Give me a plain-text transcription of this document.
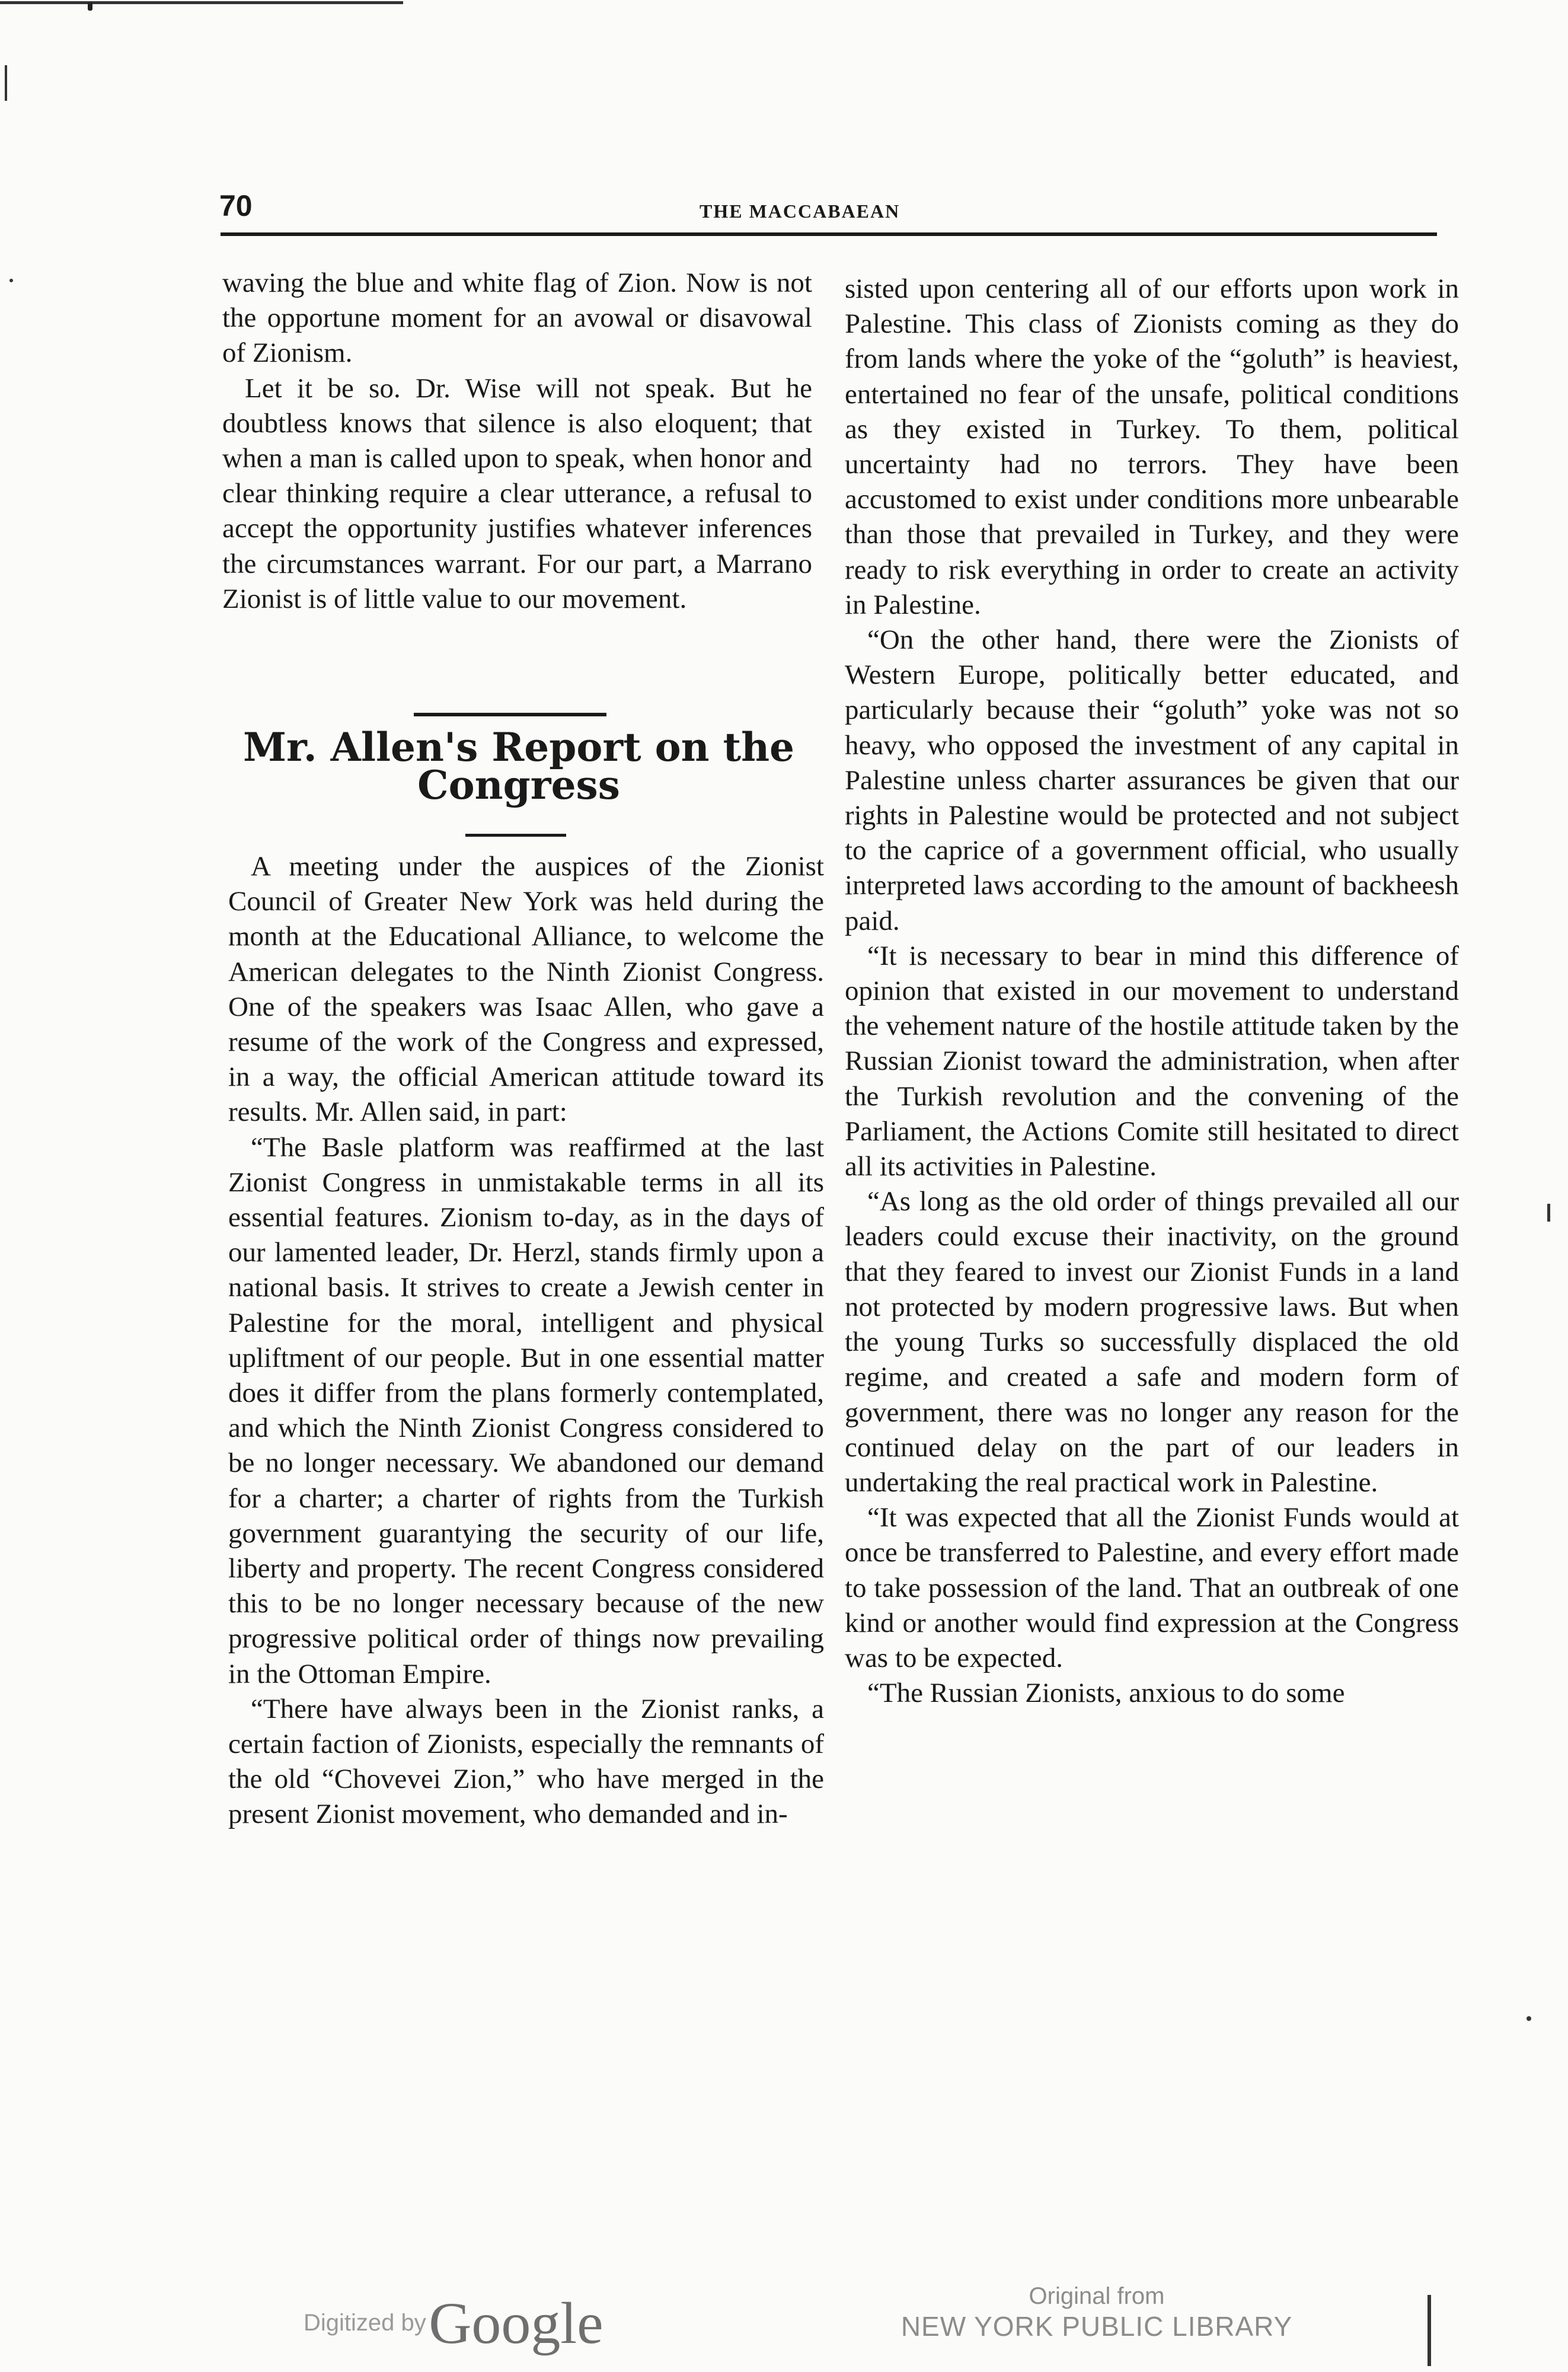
70	THE MACCABAEAN

waving the blue and white flag of Zion. Now is not the opportune moment for an avowal or disavowal of Zionism.

Let it be so. Dr. Wise will not speak. But he doubtless knows that silence is also eloquent; that when a man is called upon to speak, when honor and clear thinking require a clear utterance, a refusal to accept the opportunity justifies whatever inferences the circumstances warrant. For our part, a Marrano Zionist is of little value to our movement.

Mr. Allen's Report on the Congress

A meeting under the auspices of the Zionist Council of Greater New York was held during the month at the Educational Alliance, to welcome the American delegates to the Ninth Zionist Congress. One of the speakers was Isaac Allen, who gave a resume of the work of the Congress and expressed, in a way, the official American attitude toward its results. Mr. Allen said, in part:

“The Basle platform was reaffirmed at the last Zionist Congress in unmistakable terms in all its essential features. Zionism to-day, as in the days of our lamented leader, Dr. Herzl, stands firmly upon a national basis. It strives to create a Jewish center in Palestine for the moral, intelligent and physical upliftment of our people. But in one essential matter does it differ from the plans formerly contemplated, and which the Ninth Zionist Congress considered to be no longer necessary. We abandoned our demand for a charter; a charter of rights from the Turkish government guarantying the security of our life, liberty and property. The recent Congress considered this to be no longer necessary because of the new progressive political order of things now prevailing in the Ottoman Empire.

“There have always been in the Zionist ranks, a certain faction of Zionists, especially the remnants of the old “Chovevei Zion,” who have merged in the present Zionist movement, who demanded and in-

sisted upon centering all of our efforts upon work in Palestine. This class of Zionists coming as they do from lands where the yoke of the “goluth” is heaviest, entertained no fear of the unsafe, political conditions as they existed in Turkey. To them, political uncertainty had no terrors. They have been accustomed to exist under conditions more unbearable than those that prevailed in Turkey, and they were ready to risk everything in order to create an activity in Palestine.

“On the other hand, there were the Zionists of Western Europe, politically better educated, and particularly because their “goluth” yoke was not so heavy, who opposed the investment of any capital in Palestine unless charter assurances be given that our rights in Palestine would be protected and not subject to the caprice of a government official, who usually interpreted laws according to the amount of backheesh paid.

“It is necessary to bear in mind this difference of opinion that existed in our movement to understand the vehement nature of the hostile attitude taken by the Russian Zionist toward the administration, when after the Turkish revolution and the convening of the Parliament, the Actions Comite still hesitated to direct all its activities in Palestine.

“As long as the old order of things prevailed all our leaders could excuse their inactivity, on the ground that they feared to invest our Zionist Funds in a land not protected by modern progressive laws. But when the young Turks so successfully displaced the old regime, and created a safe and modern form of government, there was no longer any reason for the continued delay on the part of our leaders in undertaking the real practical work in Palestine.

“It was expected that all the Zionist Funds would at once be transferred to Palestine, and every effort made to take possession of the land. That an outbreak of one kind or another would find expression at the Congress was to be expected.

“The Russian Zionists, anxious to do some

Digitized by Google	Original from
NEW YORK PUBLIC LIBRARY
